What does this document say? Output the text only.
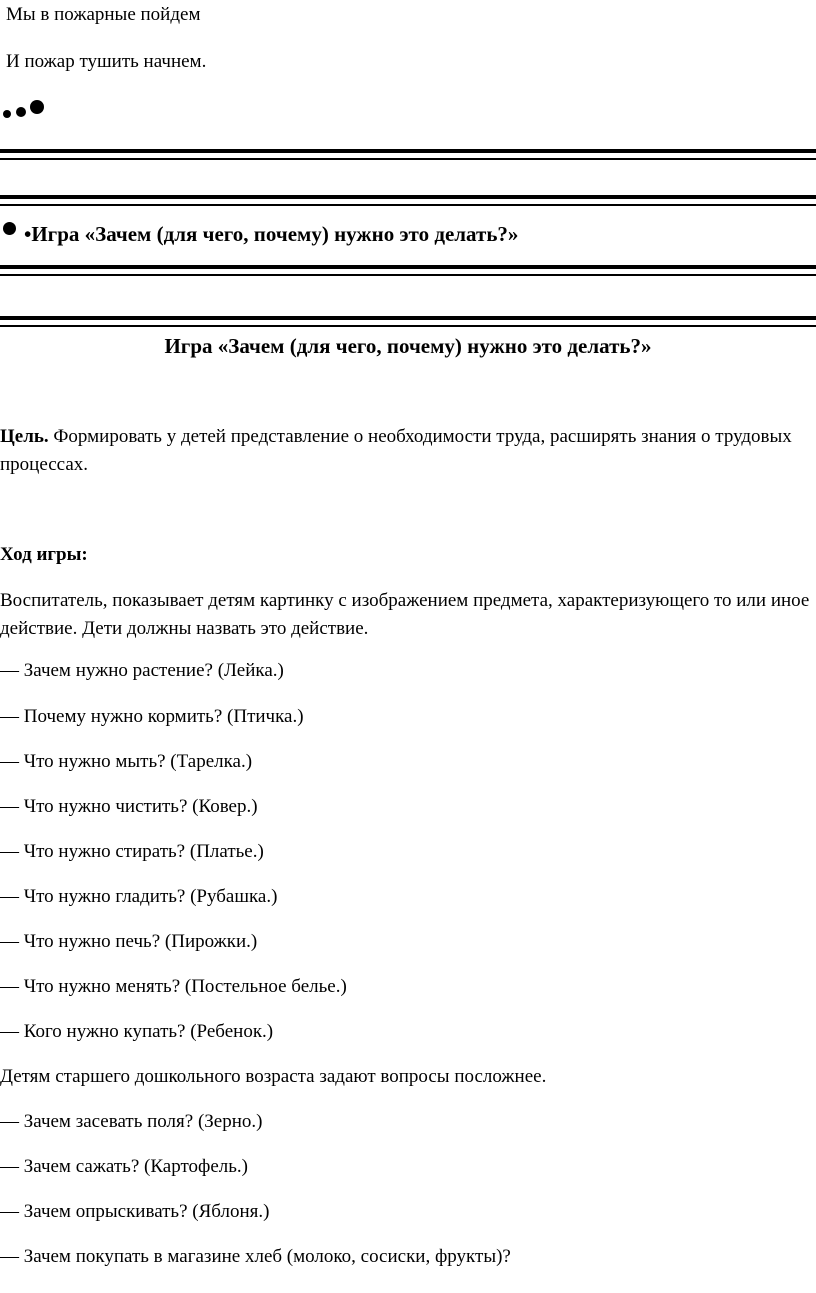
Мы в пожарные пойдем
И пожар тушить начнем.
•Игра «Зачем (для чего, почему) нужно это делать?»
Игра «Зачем (для чего, почему) нужно это делать?»
Цель. Формировать у детей представление о необходимости труда, расширять знания о трудовых процессах.
Ход игры:
Воспитатель, показывает детям картинку с изображением предмета, характеризующего то или иное действие. Дети должны назвать это действие.
— Зачем нужно растение? (Лейка.)
— Почему нужно кормить? (Птичка.)
— Что нужно мыть? (Тарелка.)
— Что нужно чистить? (Ковер.)
— Что нужно стирать? (Платье.)
— Что нужно гладить? (Рубашка.)
— Что нужно печь? (Пирожки.)
— Что нужно менять? (Постельное белье.)
— Кого нужно купать? (Ребенок.)
Детям старшего дошкольного возраста задают вопросы посложнее.
— Зачем засевать поля? (Зерно.)
— Зачем сажать? (Картофель.)
— Зачем опрыскивать? (Яблоня.)
— Зачем покупать в магазине хлеб (молоко, сосиски, фрукты)?
